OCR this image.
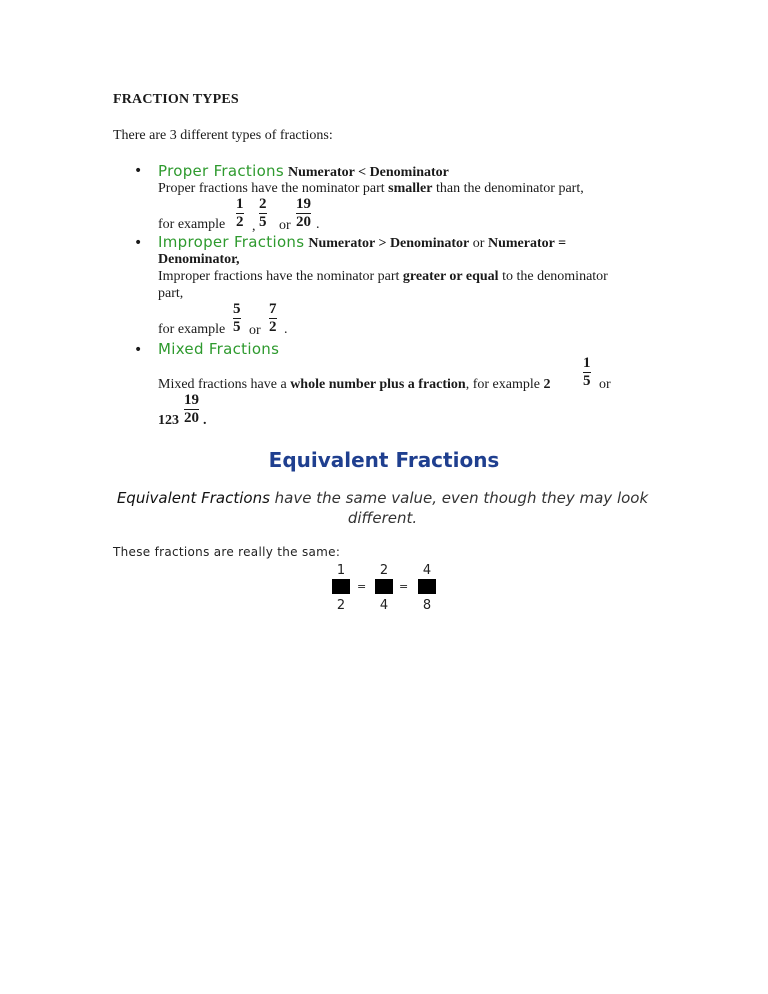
FRACTION TYPES
There are 3 different types of fractions:
• Proper Fractions Numerator < Denominator
Proper fractions have the nominator part smaller than the denominator part,
for example
1
2 ,
2
5 or
19
20 .
• Improper Fractions Numerator > Denominator or Numerator =
Denominator,
Improper fractions have the nominator part greater or equal to the denominator
part,
for example
5
5 or
7
2 .
• Mixed Fractions
Mixed fractions have a whole number plus a fraction, for example 2
1
5 or
123
19
20 .
Equivalent Fractions
Equivalent Fractions have the same value, even though they may look different.
These fractions are really the same:
1
2
=
2
4
=
4
8
